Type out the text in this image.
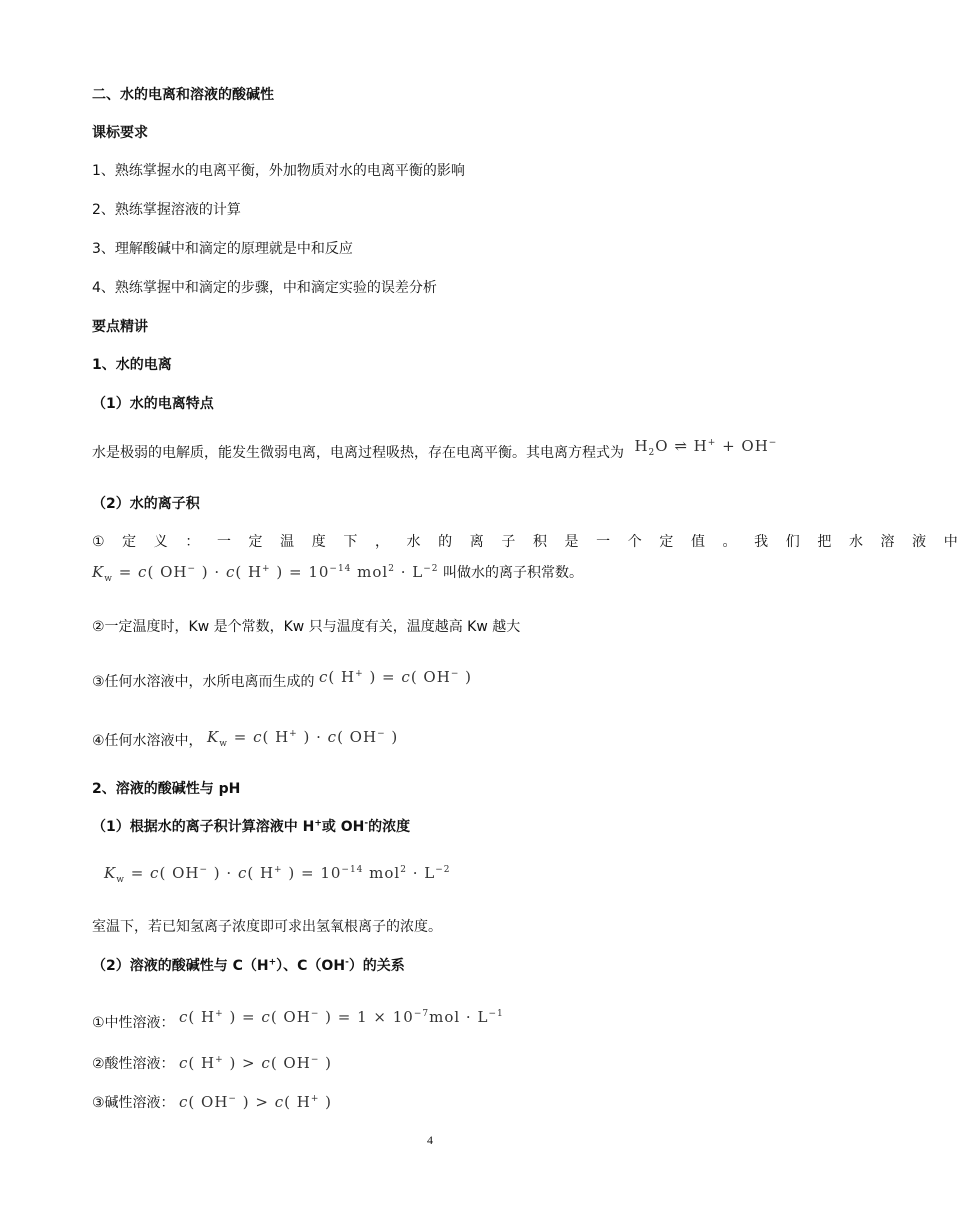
二、水的电离和溶液的酸碱性
课标要求
1、熟练掌握水的电离平衡，外加物质对水的电离平衡的影响
2、熟练掌握溶液的计算
3、理解酸碱中和滴定的原理就是中和反应
4、熟练掌握中和滴定的步骤，中和滴定实验的误差分析
要点精讲
1、水的电离
（1）水的电离特点
水是极弱的电解质，能发生微弱电离，电离过程吸热，存在电离平衡。其电离方程式为 $H_2O$ ⇌ H+ + OH−
（2）水的离子积
①定义：一定温度下，水的离子积是一个定值。我们把水溶液中
$K_w = c$( OH− ) · c( H+ ) = $10^{-14}$ $mol^2 \cdot L^{-2}$ 叫做水的离子积常数。
②一定温度时，Kw 是个常数，Kw 只与温度有关，温度越高 Kw 越大
③任何水溶液中，水所电离而生成的 c( H+ ) = c( OH− )
④任何水溶液中， $K_w = c$( H+ ) · c( OH− )
2、溶液的酸碱性与 pH
（1）根据水的离子积计算溶液中 H+或 OH-的浓度
$K_w = c$( OH− ) · c( H+ ) = $10^{-14}$ $mol^2 \cdot L^{-2}$
室温下，若已知氢离子浓度即可求出氢氧根离子的浓度。
（2）溶液的酸碱性与 C（H+）、C（OH-）的关系
①中性溶液： c( H+ ) = c( OH− ) = $1 \times 10^{-7}mol \cdot L^{-1}$
②酸性溶液： c( H+ ) > c( OH− )
③碱性溶液： c( OH− ) > c( H+ )
4
